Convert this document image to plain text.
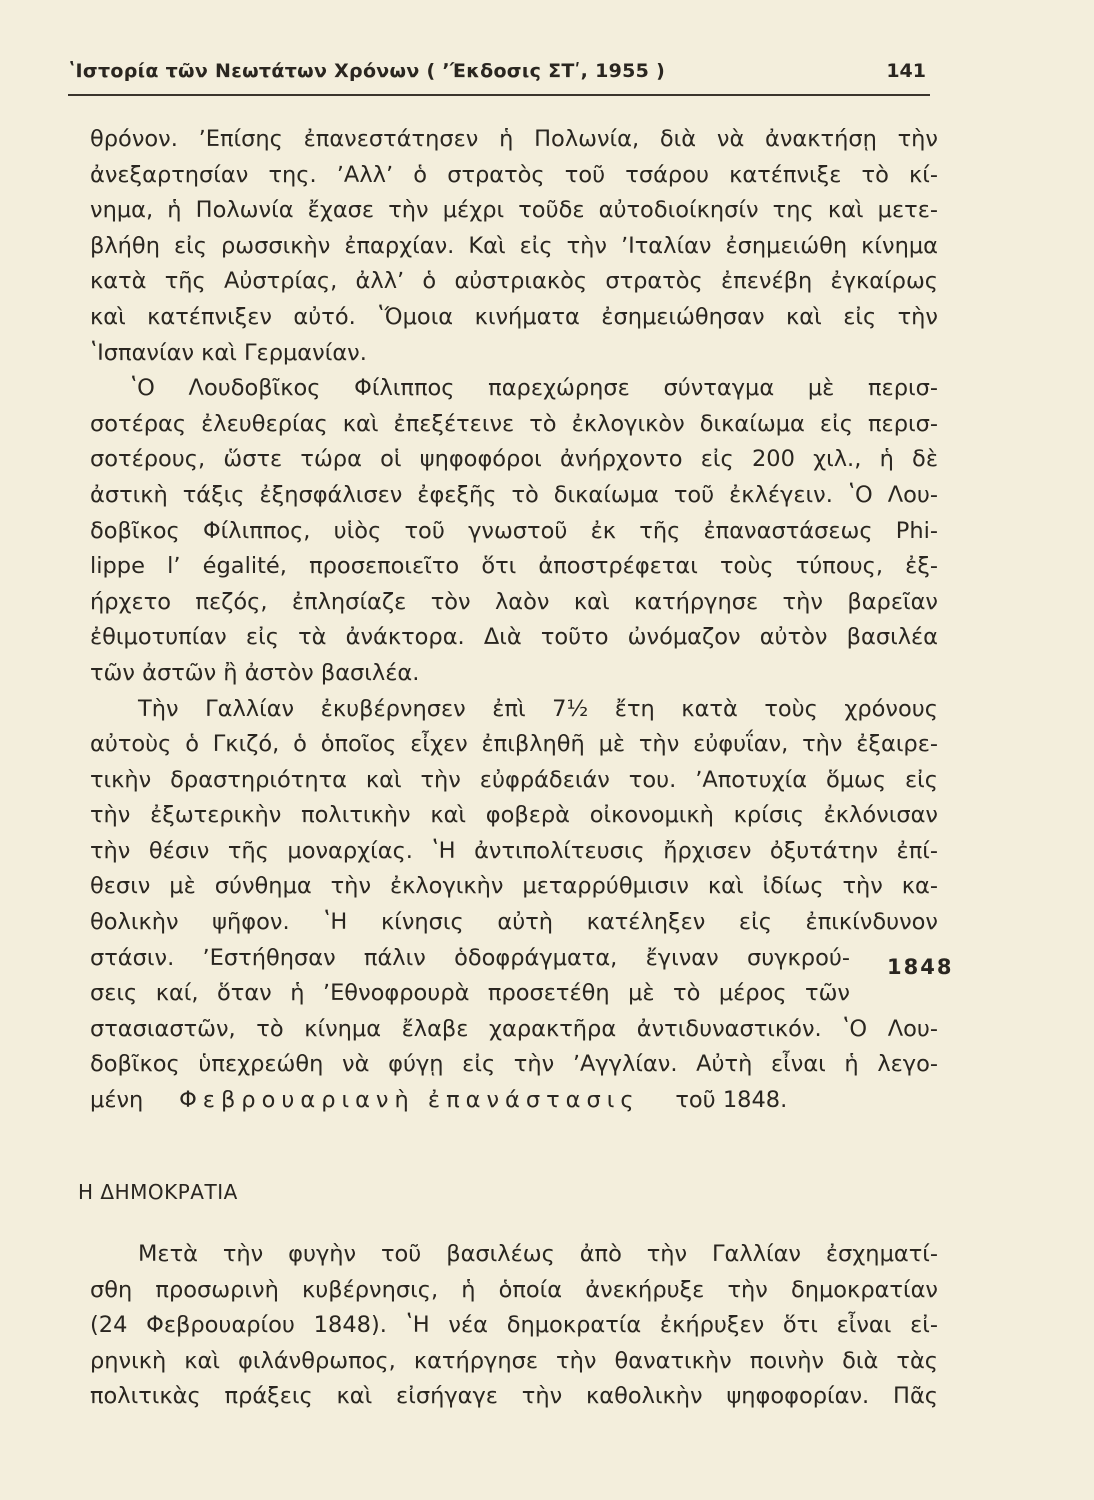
ʽΙστορία τῶν Νεωτάτων Χρόνων ( ʼΈκδοσις ΣΤʹ, 1955 )	141
θρόνον. ʼΕπίσης ἐπανεστάτησεν ἡ Πολωνία, διὰ νὰ ἀνακτήσῃ τὴν
ἀνεξαρτησίαν της. ʼΑλλʼ ὁ στρατὸς τοῦ τσάρου κατέπνιξε τὸ κί-
νημα, ἡ Πολωνία ἔχασε τὴν μέχρι τοῦδε αὐτοδιοίκησίν της καὶ μετε-
βλήθη εἰς ρωσσικὴν ἐπαρχίαν. Καὶ εἰς τὴν ʼΙταλίαν ἐσημειώθη κίνημα
κατὰ τῆς Αὐστρίας, ἀλλʼ ὁ αὐστριακὸς στρατὸς ἐπενέβη ἐγκαίρως
καὶ κατέπνιξεν αὐτό. ʽΌμοια κινήματα ἐσημειώθησαν καὶ εἰς τὴν
ʽΙσπανίαν καὶ Γερμανίαν.
ʽΟ Λουδοβῖκος Φίλιππος παρεχώρησε σύνταγμα μὲ περισ-
σοτέρας ἐλευθερίας καὶ ἐπεξέτεινε τὸ ἐκλογικὸν δικαίωμα εἰς περισ-
σοτέρους, ὥστε τώρα οἱ ψηφοφόροι ἀνήρχοντο εἰς 200 χιλ., ἡ δὲ
ἀστικὴ τάξις ἐξησφάλισεν ἐφεξῆς τὸ δικαίωμα τοῦ ἐκλέγειν. ʽΟ Λου-
δοβῖκος Φίλιππος, υἱὸς τοῦ γνωστοῦ ἐκ τῆς ἐπαναστάσεως Phi-
lippe lʼ égalité, προσεποιεῖτο ὅτι ἀποστρέφεται τοὺς τύπους, ἐξ-
ήρχετο πεζός, ἐπλησίαζε τὸν λαὸν καὶ κατήργησε τὴν βαρεῖαν
ἐθιμοτυπίαν εἰς τὰ ἀνάκτορα. Διὰ τοῦτο ὠνόμαζον αὐτὸν βασιλέα
τῶν ἀστῶν ἢ ἀστὸν βασιλέα.
Τὴν Γαλλίαν ἐκυβέρνησεν ἐπὶ 7½ ἔτη κατὰ τοὺς χρόνους
αὐτοὺς ὁ Γκιζό, ὁ ὁποῖος εἶχεν ἐπιβληθῆ μὲ τὴν εὐφυΐαν, τὴν ἐξαιρε-
τικὴν δραστηριότητα καὶ τὴν εὐφράδειάν του. ʼΑποτυχία ὅμως εἰς
τὴν ἐξωτερικὴν πολιτικὴν καὶ φοβερὰ οἰκονομικὴ κρίσις ἐκλόνισαν
τὴν θέσιν τῆς μοναρχίας. ʽΗ ἀντιπολίτευσις ἤρχισεν ὀξυτάτην ἐπί-
θεσιν μὲ σύνθημα τὴν ἐκλογικὴν μεταρρύθμισιν καὶ ἰδίως τὴν κα-
θολικὴν ψῆφον. ʽΗ κίνησις αὐτὴ κατέληξεν εἰς ἐπικίνδυνον
στάσιν. ʼΕστήθησαν πάλιν ὁδοφράγματα, ἔγιναν συγκρού-
σεις καί, ὅταν ἡ ʼΕθνοφρουρὰ προσετέθη μὲ τὸ μέρος τῶν
στασιαστῶν, τὸ κίνημα ἔλαβε χαρακτῆρα ἀντιδυναστικόν. ʽΟ Λου-
δοβῖκος ὑπεχρεώθη νὰ φύγῃ εἰς τὴν ʼΑγγλίαν. Αὐτὴ εἶναι ἡ λεγο-
μένη Φεβρουαριανὴ ἐπανάστασις τοῦ 1848.
1848
Η ΔΗΜΟΚΡΑΤΙΑ
Μετὰ τὴν φυγὴν τοῦ βασιλέως ἀπὸ τὴν Γαλλίαν ἐσχηματί-
σθη προσωρινὴ κυβέρνησις, ἡ ὁποία ἀνεκήρυξε τὴν δημοκρατίαν
(24 Φεβρουαρίου 1848). ʽΗ νέα δημοκρατία ἐκήρυξεν ὅτι εἶναι εἰ-
ρηνικὴ καὶ φιλάνθρωπος, κατήργησε τὴν θανατικὴν ποινὴν διὰ τὰς
πολιτικὰς πράξεις καὶ εἰσήγαγε τὴν καθολικὴν ψηφοφορίαν. Πᾶς
